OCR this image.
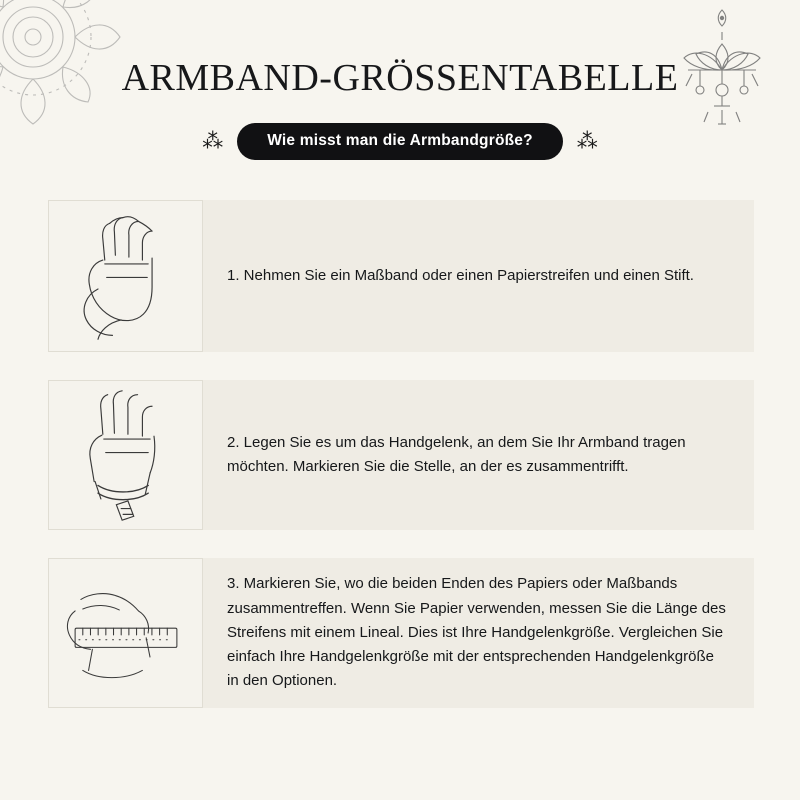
ARMBAND-GRÖSSENTABELLE
⁂	Wie misst man die Armbandgröße?	⁂
1. Nehmen Sie ein Maßband oder einen Papierstreifen und einen Stift.
2. Legen Sie es um das Handgelenk, an dem Sie Ihr Armband tragen möchten. Markieren Sie die Stelle, an der es zusammentrifft.
3. Markieren Sie, wo die beiden Enden des Papiers oder Maßbands zusammentreffen. Wenn Sie Papier verwenden, messen Sie die Länge des Streifens mit einem Lineal. Dies ist Ihre Handgelenkgröße. Vergleichen Sie einfach Ihre Handgelenkgröße mit der entsprechenden Handgelenkgröße in den Optionen.
